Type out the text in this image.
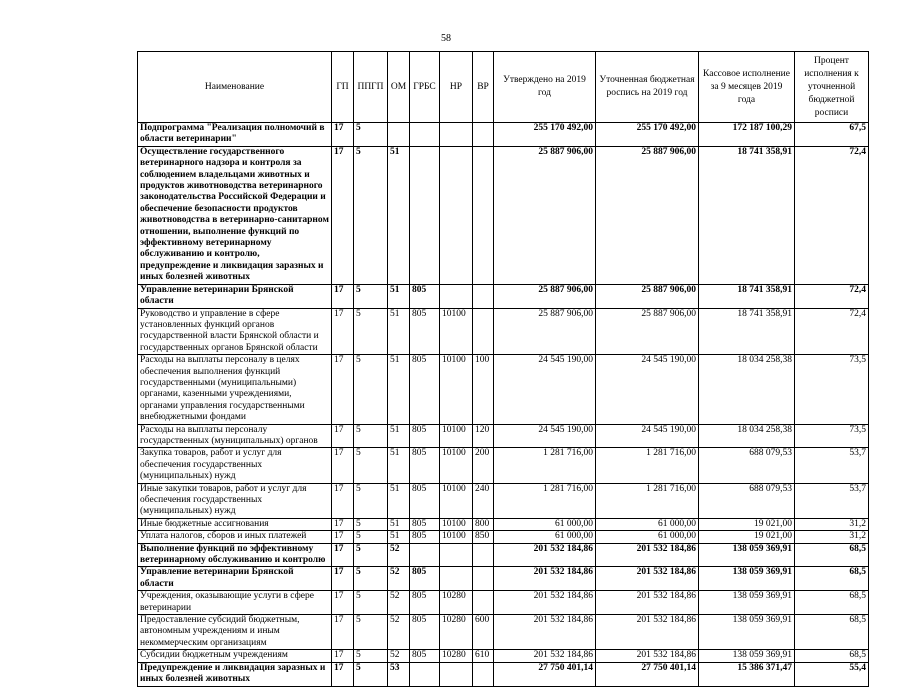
58
Наименование	ГП	ППГП	ОМ	ГРБС	НР	ВР	Утверждено на 2019 год	Уточненная бюджетная роспись на 2019 год	Кассовое исполнение за 9 месяцев 2019 года	Процент исполнения к уточненной бюджетной росписи
Подпрограмма "Реализация полномочий в области ветеринарии"	17	5					255 170 492,00	255 170 492,00	172 187 100,29	67,5
Осуществление государственного ветеринарного надзора и контроля за соблюдением владельцами животных и продуктов животноводства ветеринарного законодательства Российской Федерации и обеспечение безопасности продуктов животноводства в ветеринарно-санитарном отношении, выполнение функций по эффективному ветеринарному обслуживанию и контролю, предупреждение и ликвидация заразных и иных болезней животных	17	5	51				25 887 906,00	25 887 906,00	18 741 358,91	72,4
Управление ветеринарии Брянской области	17	5	51	805			25 887 906,00	25 887 906,00	18 741 358,91	72,4
Руководство и управление в сфере установленных функций органов государственной власти Брянской области и государственных органов Брянской области	17	5	51	805	10100		25 887 906,00	25 887 906,00	18 741 358,91	72,4
Расходы на выплаты персоналу в целях обеспечения выполнения функций государственными (муниципальными) органами, казенными учреждениями, органами управления государственными внебюджетными фондами	17	5	51	805	10100	100	24 545 190,00	24 545 190,00	18 034 258,38	73,5
Расходы на выплаты персоналу государственных (муниципальных) органов	17	5	51	805	10100	120	24 545 190,00	24 545 190,00	18 034 258,38	73,5
Закупка товаров, работ и услуг для обеспечения государственных (муниципальных) нужд	17	5	51	805	10100	200	1 281 716,00	1 281 716,00	688 079,53	53,7
Иные закупки товаров, работ и услуг для обеспечения государственных (муниципальных) нужд	17	5	51	805	10100	240	1 281 716,00	1 281 716,00	688 079,53	53,7
Иные бюджетные ассигнования	17	5	51	805	10100	800	61 000,00	61 000,00	19 021,00	31,2
Уплата налогов, сборов и иных платежей	17	5	51	805	10100	850	61 000,00	61 000,00	19 021,00	31,2
Выполнение функций по эффективному ветеринарному обслуживанию и контролю	17	5	52				201 532 184,86	201 532 184,86	138 059 369,91	68,5
Управление ветеринарии Брянской области	17	5	52	805			201 532 184,86	201 532 184,86	138 059 369,91	68,5
Учреждения, оказывающие услуги в сфере ветеринарии	17	5	52	805	10280		201 532 184,86	201 532 184,86	138 059 369,91	68,5
Предоставление субсидий бюджетным, автономным учреждениям и иным некоммерческим организациям	17	5	52	805	10280	600	201 532 184,86	201 532 184,86	138 059 369,91	68,5
Субсидии бюджетным учреждениям	17	5	52	805	10280	610	201 532 184,86	201 532 184,86	138 059 369,91	68,5
Предупреждение и ликвидация заразных и иных болезней животных	17	5	53				27 750 401,14	27 750 401,14	15 386 371,47	55,4
